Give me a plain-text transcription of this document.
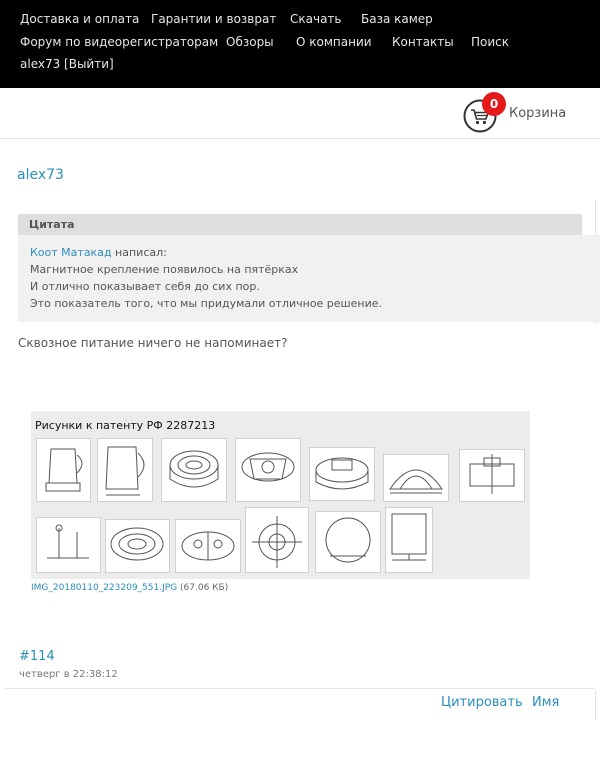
Доставка и оплата Гарантии и возврат Скачать База камер
Форум по видеорегистраторам Обзоры О компании Контакты Поиск
alex73 [Выйти]
0
Корзина
alex73
Цитата
Коот Матакад написал:
Магнитное крепление появилось на пятёрках
И отлично показывает себя до сих пор.
Это показатель того, что мы придумали отличное решение.
Сквозное питание ничего не напоминает?
Рисунки к патенту РФ 2287213
IMG_20180110_223209_551.JPG (67.06 КБ)
#114
четверг в 22:38:12
Цитировать Имя
